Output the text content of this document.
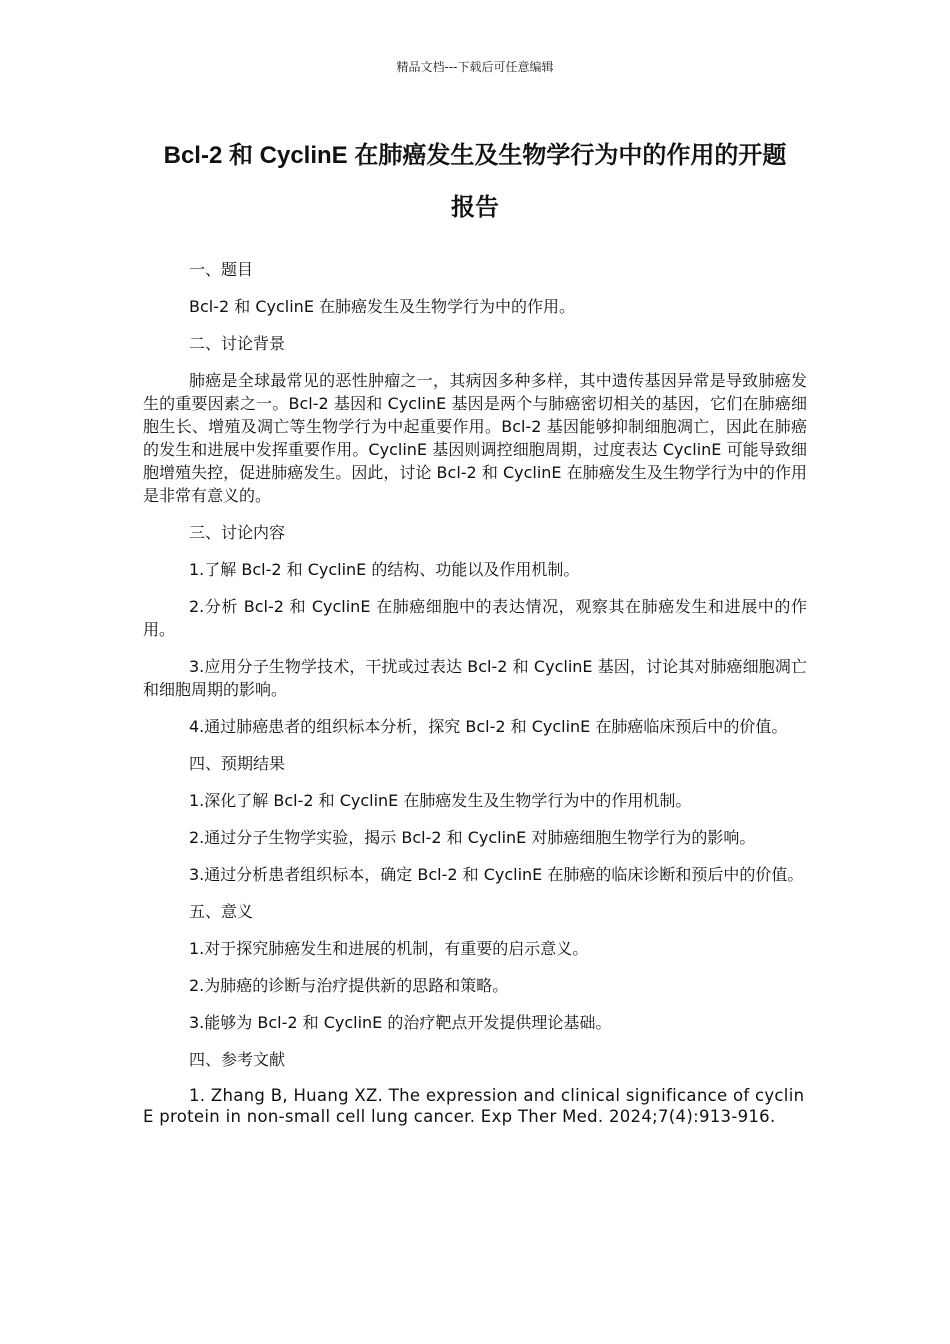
精品文档---下载后可任意编辑
Bcl-2 和 CyclinE 在肺癌发生及生物学行为中的作用的开题
报告

一、题目

Bcl-2 和 CyclinE 在肺癌发生及生物学行为中的作用。

二、讨论背景

肺癌是全球最常见的恶性肿瘤之一，其病因多种多样，其中遗传基因异常是导致肺癌发生的重要因素之一。Bcl-2 基因和 CyclinE 基因是两个与肺癌密切相关的基因，它们在肺癌细胞生长、增殖及凋亡等生物学行为中起重要作用。Bcl-2 基因能够抑制细胞凋亡，因此在肺癌的发生和进展中发挥重要作用。CyclinE 基因则调控细胞周期，过度表达 CyclinE 可能导致细胞增殖失控，促进肺癌发生。因此，讨论 Bcl-2 和 CyclinE 在肺癌发生及生物学行为中的作用是非常有意义的。

三、讨论内容

1.了解 Bcl-2 和 CyclinE 的结构、功能以及作用机制。

2.分析 Bcl-2 和 CyclinE 在肺癌细胞中的表达情况，观察其在肺癌发生和进展中的作用。

3.应用分子生物学技术，干扰或过表达 Bcl-2 和 CyclinE 基因，讨论其对肺癌细胞凋亡和细胞周期的影响。

4.通过肺癌患者的组织标本分析，探究 Bcl-2 和 CyclinE 在肺癌临床预后中的价值。

四、预期结果

1.深化了解 Bcl-2 和 CyclinE 在肺癌发生及生物学行为中的作用机制。

2.通过分子生物学实验，揭示 Bcl-2 和 CyclinE 对肺癌细胞生物学行为的影响。

3.通过分析患者组织标本，确定 Bcl-2 和 CyclinE 在肺癌的临床诊断和预后中的价值。

五、意义

1.对于探究肺癌发生和进展的机制，有重要的启示意义。

2.为肺癌的诊断与治疗提供新的思路和策略。

3.能够为 Bcl-2 和 CyclinE 的治疗靶点开发提供理论基础。

四、参考文献

1. Zhang B, Huang XZ. The expression and clinical significance of cyclin E protein in non-small cell lung cancer. Exp Ther Med. 2024;7(4):913-916.
